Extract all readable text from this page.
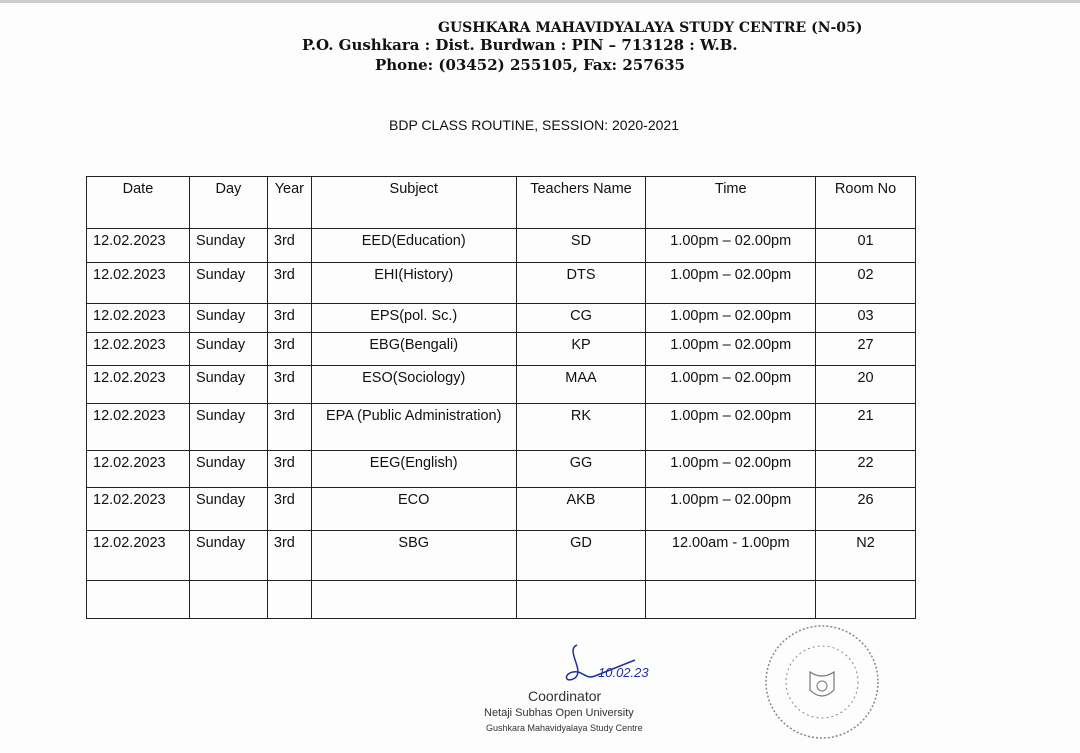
GUSHKARA MAHAVIDYALAYA STUDY CENTRE (N-05)
P.O. Gushkara : Dist. Burdwan : PIN – 713128 : W.B.
Phone: (03452) 255105, Fax: 257635
BDP CLASS ROUTINE, SESSION: 2020-2021
Date	Day	Year	Subject	Teachers Name	Time	Room No
12.02.2023	Sunday	3rd	EED(Education)	SD	1.00pm – 02.00pm	01
12.02.2023	Sunday	3rd	EHI(History)	DTS	1.00pm – 02.00pm	02
12.02.2023	Sunday	3rd	EPS(pol. Sc.)	CG	1.00pm – 02.00pm	03
12.02.2023	Sunday	3rd	EBG(Bengali)	KP	1.00pm – 02.00pm	27
12.02.2023	Sunday	3rd	ESO(Sociology)	MAA	1.00pm – 02.00pm	20
12.02.2023	Sunday	3rd	EPA (Public Administration)	RK	1.00pm – 02.00pm	21
12.02.2023	Sunday	3rd	EEG(English)	GG	1.00pm – 02.00pm	22
12.02.2023	Sunday	3rd	ECO	AKB	1.00pm – 02.00pm	26
12.02.2023	Sunday	3rd	SBG	GD	12.00am - 1.00pm	N2

10.02.23
Coordinator
Netaji Subhas Open University
Gushkara Mahavidyalaya Study Centre
